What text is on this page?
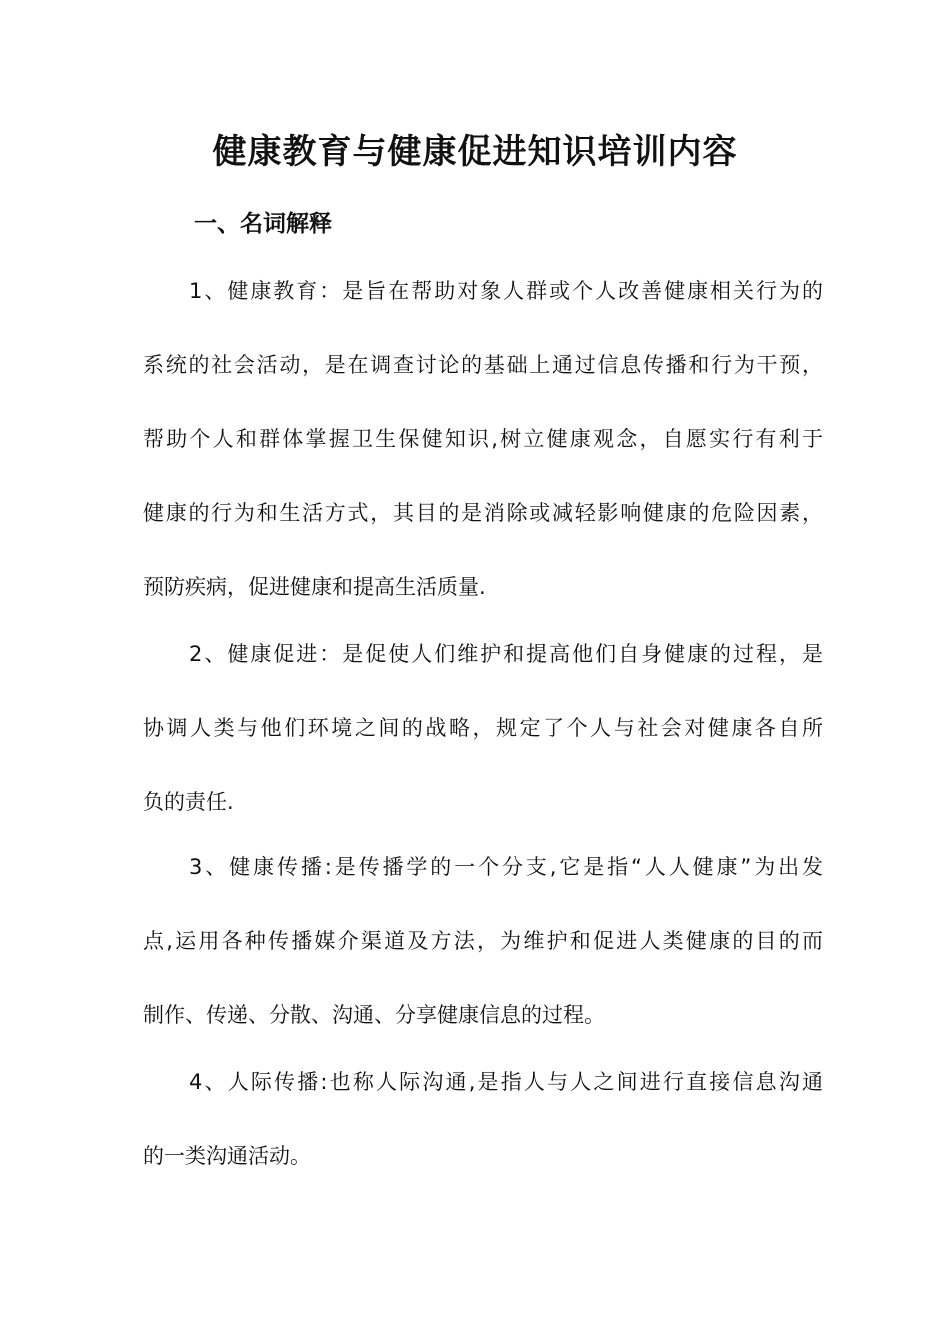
健康教育与健康促进知识培训内容
一、名词解释
1、健康教育：是旨在帮助对象人群或个人改善健康相关行为的
系统的社会活动，是在调查讨论的基础上通过信息传播和行为干预，
帮助个人和群体掌握卫生保健知识,树立健康观念，自愿实行有利于
健康的行为和生活方式，其目的是消除或减轻影响健康的危险因素，
预防疾病，促进健康和提高生活质量.
2、健康促进：是促使人们维护和提高他们自身健康的过程，是
协调人类与他们环境之间的战略，规定了个人与社会对健康各自所
负的责任.
3、健康传播:是传播学的一个分支,它是指“人人健康”为出发
点,运用各种传播媒介渠道及方法，为维护和促进人类健康的目的而
制作、传递、分散、沟通、分享健康信息的过程。
4、人际传播:也称人际沟通,是指人与人之间进行直接信息沟通
的一类沟通活动。
